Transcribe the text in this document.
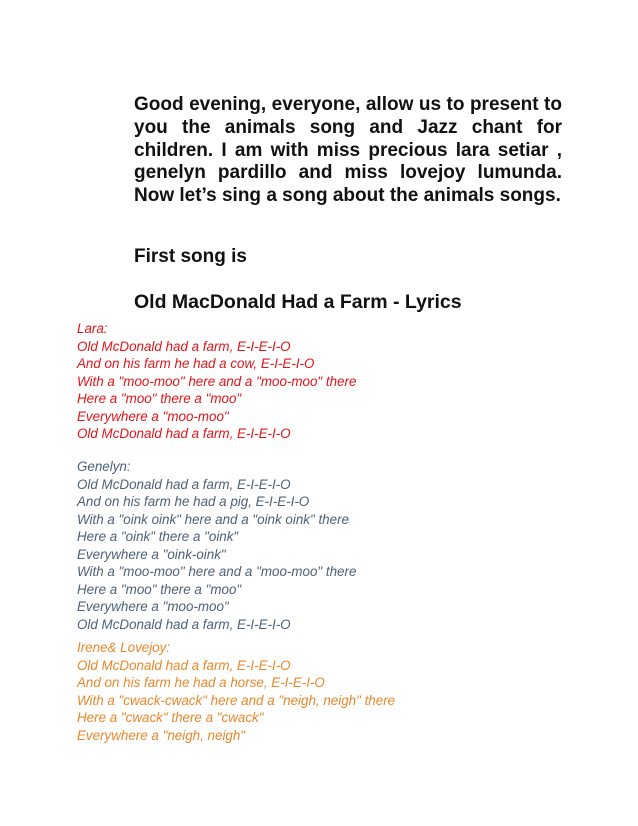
Good evening, everyone, allow us to present to you the animals song and Jazz chant for children. I am with miss precious lara setiar , genelyn pardillo and miss lovejoy lumunda. Now let’s sing a song about the animals songs.
First song is
Old MacDonald Had a Farm - Lyrics
Lara:
Old McDonald had a farm, E-I-E-I-O
And on his farm he had a cow, E-I-E-I-O
With a "moo-moo" here and a "moo-moo" there
Here a "moo" there a "moo"
Everywhere a "moo-moo"
Old McDonald had a farm, E-I-E-I-O
Genelyn:
Old McDonald had a farm, E-I-E-I-O
And on his farm he had a pig, E-I-E-I-O
With a "oink oink" here and a "oink oink" there
Here a "oink" there a "oink"
Everywhere a "oink-oink"
With a "moo-moo" here and a "moo-moo" there
Here a "moo" there a "moo"
Everywhere a "moo-moo"
Old McDonald had a farm, E-I-E-I-O
Irene& Lovejoy:
Old McDonald had a farm, E-I-E-I-O
And on his farm he had a horse, E-I-E-I-O
With a "cwack-cwack" here and a "neigh, neigh" there
Here a "cwack" there a "cwack"
Everywhere a "neigh, neigh"
